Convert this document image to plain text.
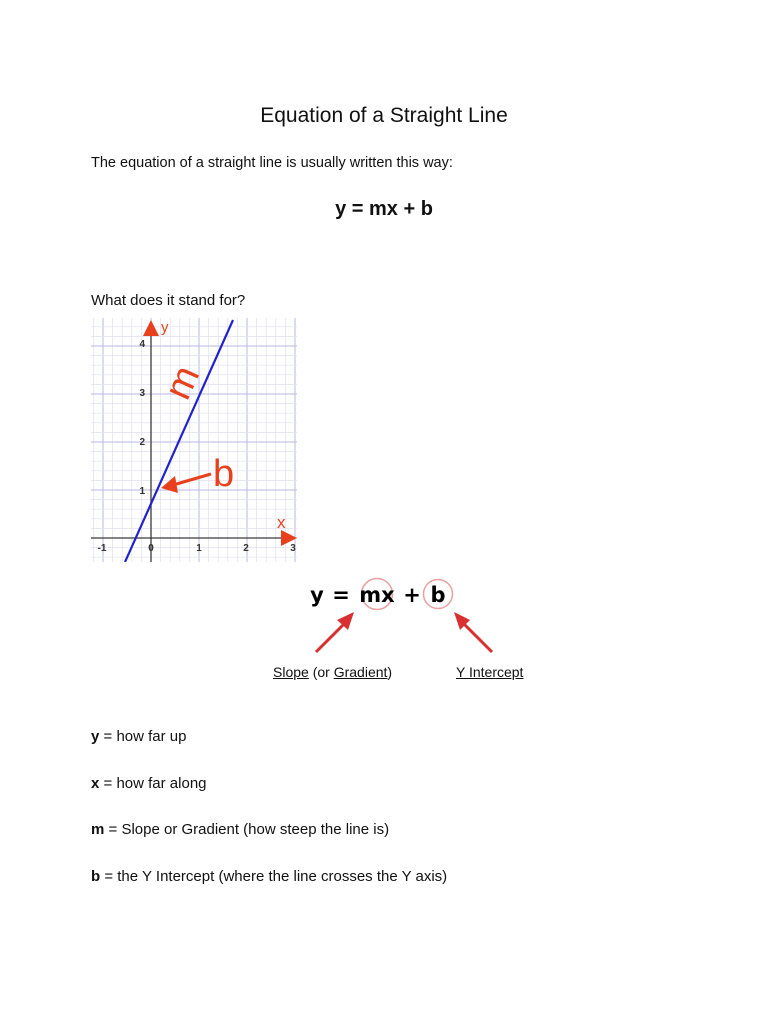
Equation of a Straight Line

The equation of a straight line is usually written this way:

y = mx + b

What does it stand for?

-1	0	1	2	3
1
2
3
4
y
x
m
b
y = mx + b
Slope (or Gradient)	Y Intercept

y = how far up

x = how far along

m = Slope or Gradient (how steep the line is)

b = the Y Intercept (where the line crosses the Y axis)
